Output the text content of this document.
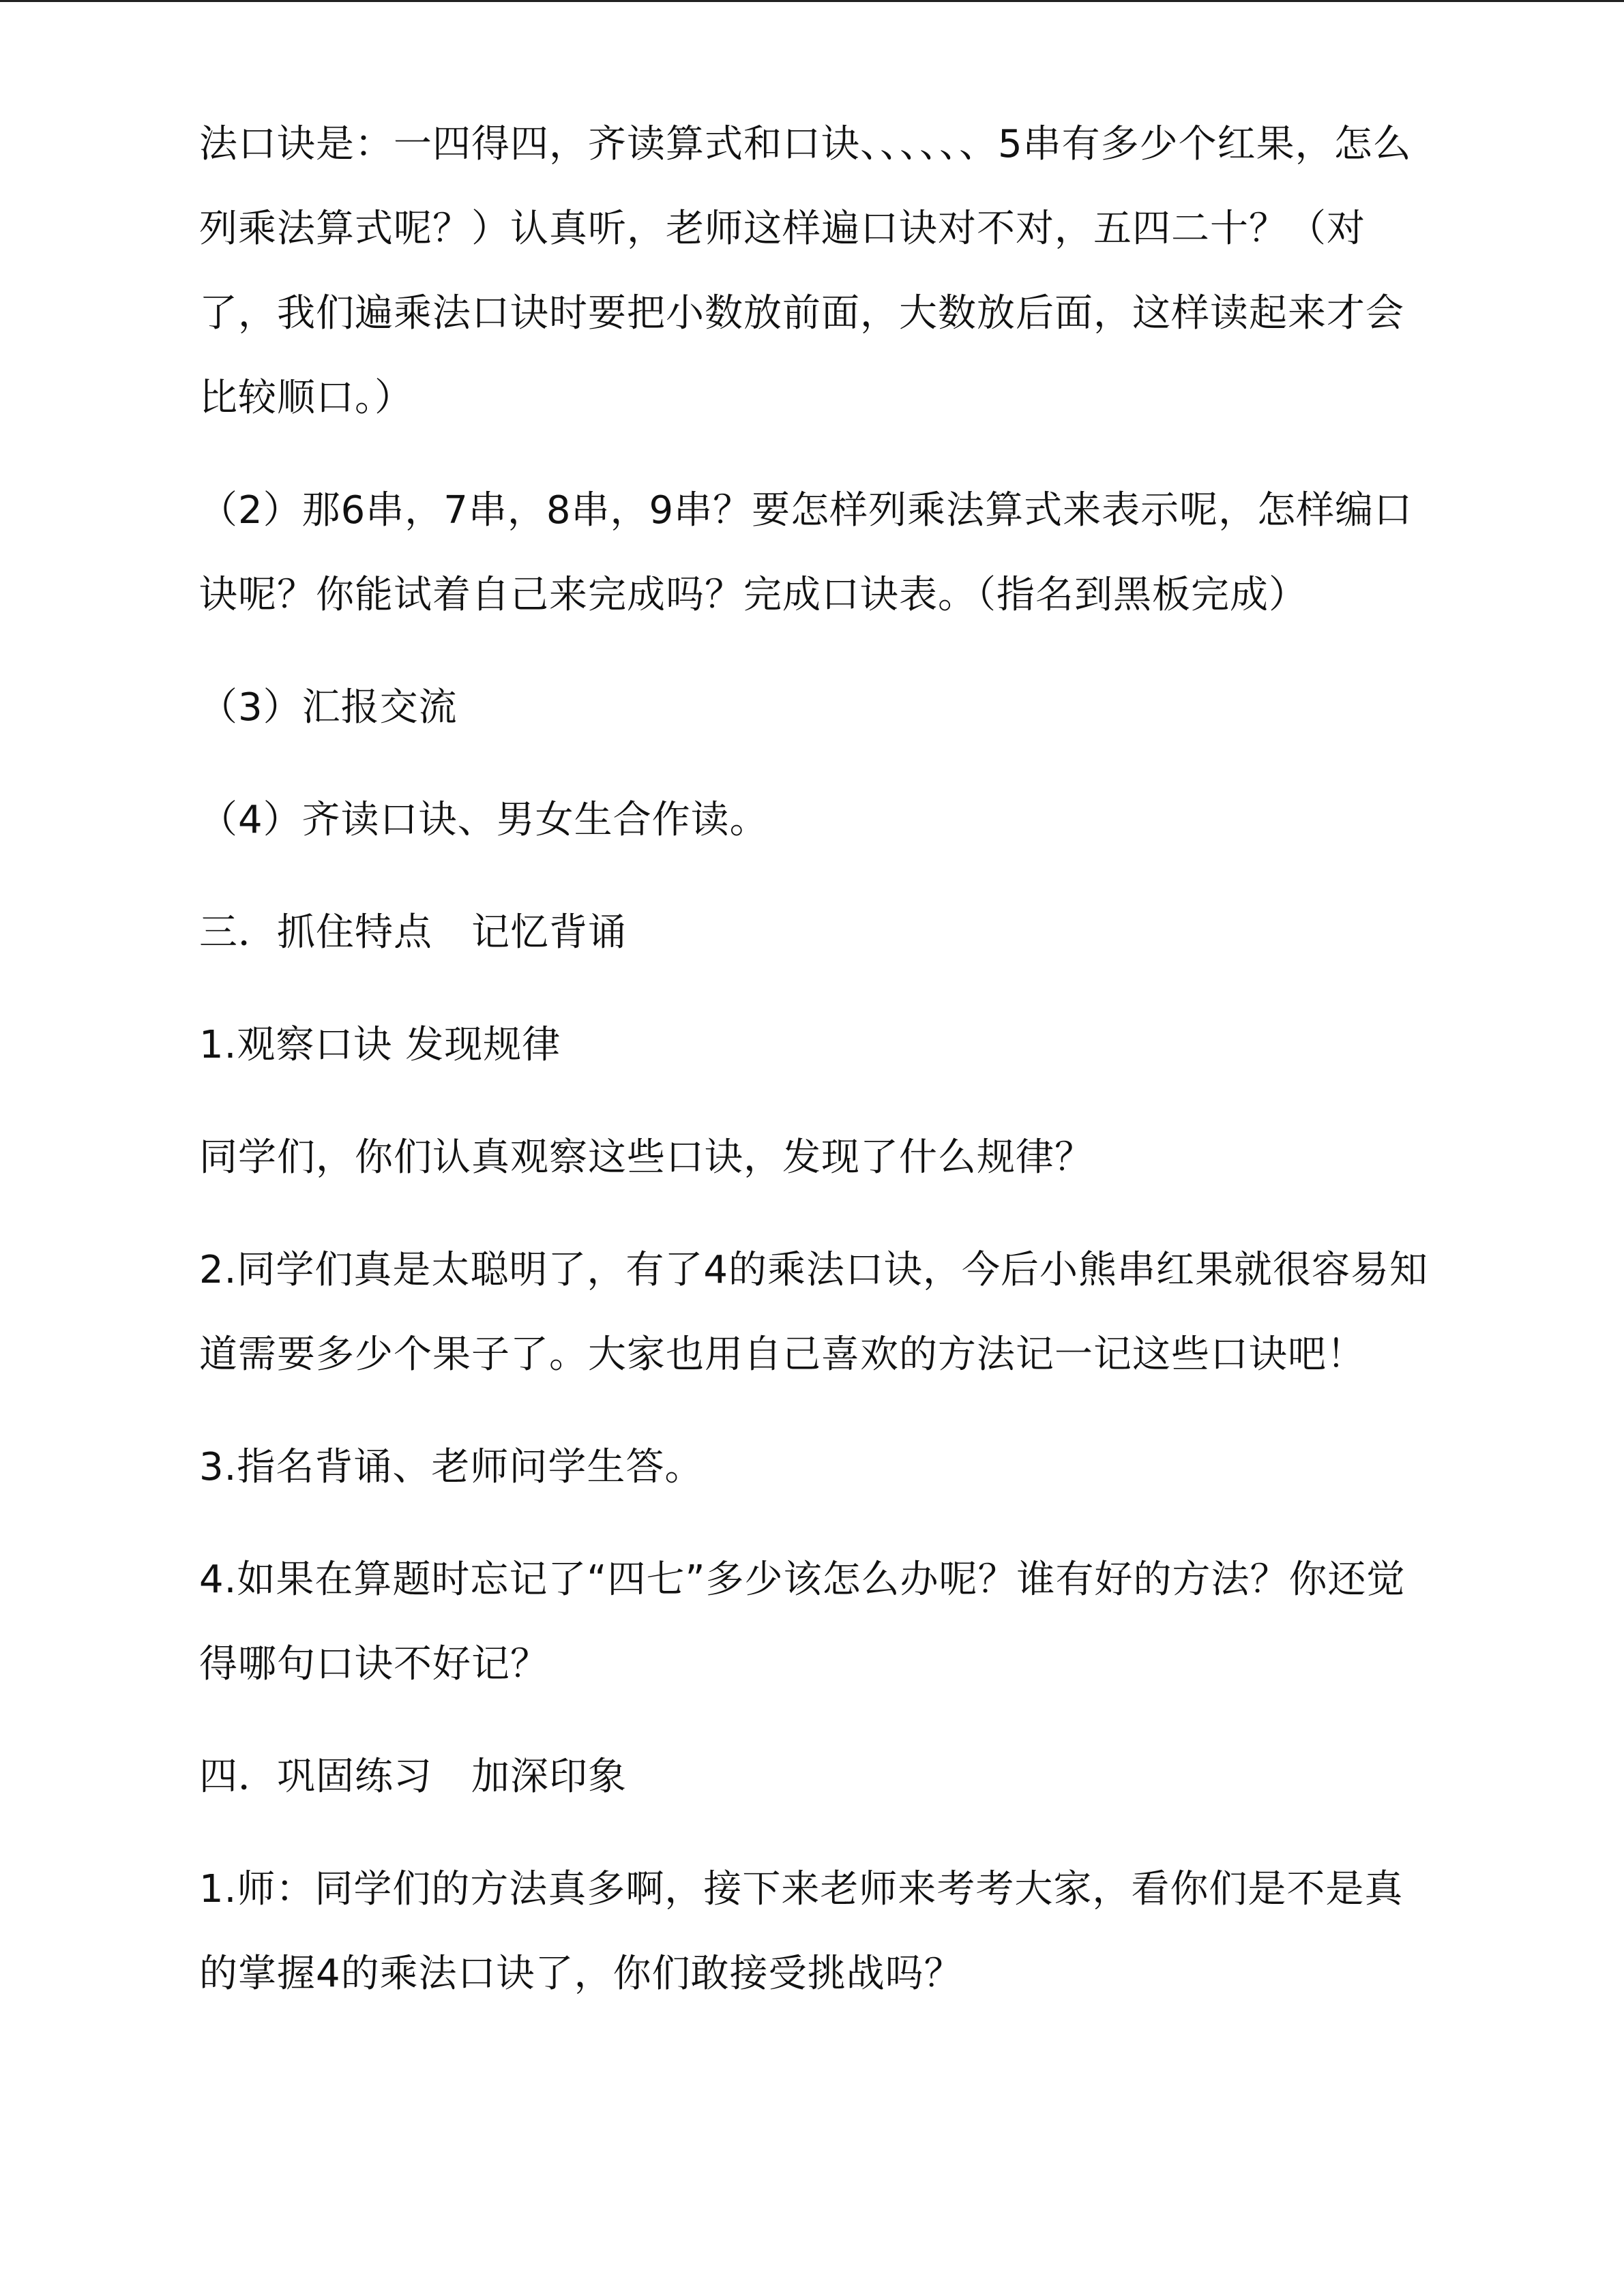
法口诀是：一四得四，齐读算式和口诀、、、、、、5串有多少个红果，怎么列乘法算式呢？）认真听，老师这样遍口诀对不对，五四二十？（对了，我们遍乘法口诀时要把小数放前面，大数放后面，这样读起来才会比较顺口。）

（2）那6串，7串，8串，9串？要怎样列乘法算式来表示呢，怎样编口诀呢？你能试着自己来完成吗？完成口诀表。（指名到黑板完成）

（3）汇报交流

（4）齐读口诀、男女生合作读。

三．抓住特点　记忆背诵

1.观察口诀 发现规律

同学们，你们认真观察这些口诀，发现了什么规律？

2.同学们真是太聪明了，有了4的乘法口诀，今后小熊串红果就很容易知道需要多少个果子了。大家也用自己喜欢的方法记一记这些口诀吧！

3.指名背诵、老师问学生答。

4.如果在算题时忘记了“四七”多少该怎么办呢？谁有好的方法？你还觉得哪句口诀不好记？

四．巩固练习　加深印象

1.师：同学们的方法真多啊，接下来老师来考考大家，看你们是不是真的掌握4的乘法口诀了，你们敢接受挑战吗？
